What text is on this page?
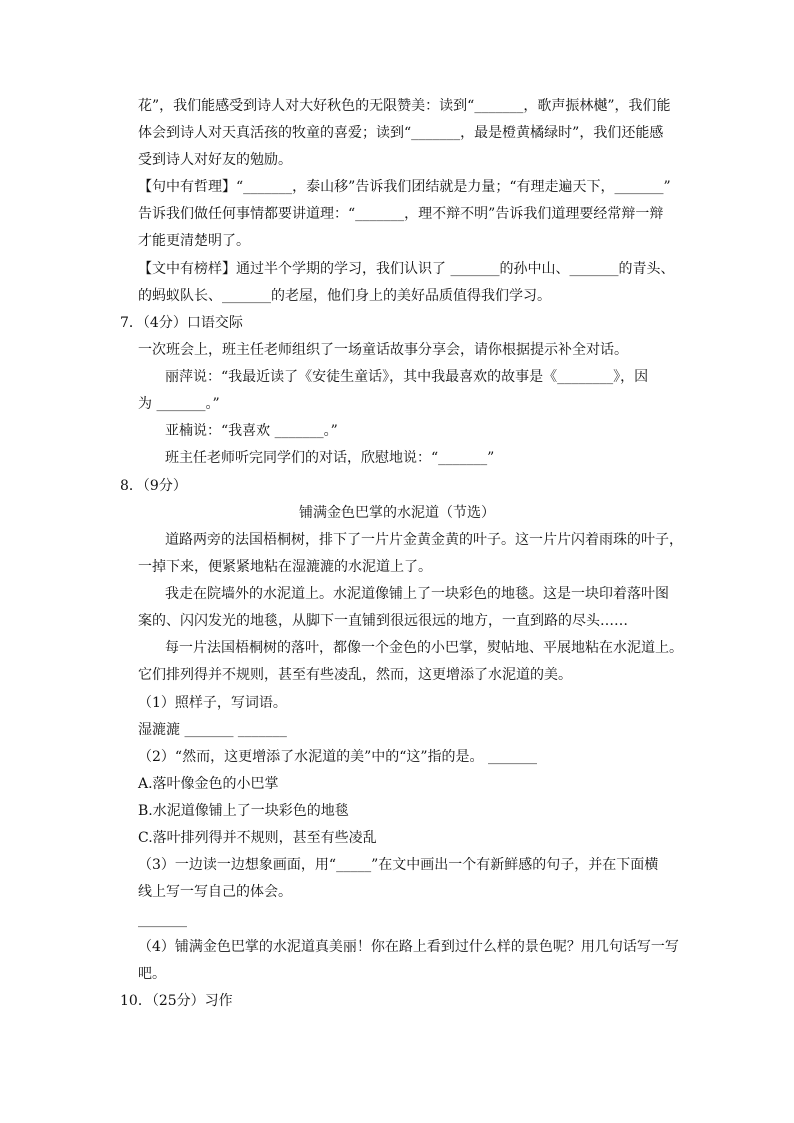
花”，我们能感受到诗人对大好秋色的无限赞美：读到“_______，歌声振林樾”，我们能
体会到诗人对天真活孩的牧童的喜爱；读到“_______，最是橙黄橘绿时”，我们还能感
受到诗人对好友的勉励。
【句中有哲理】“_______，泰山移”告诉我们团结就是力量；“有理走遍天下，_______”
告诉我们做任何事情都要讲道理：“_______，理不辩不明”告诉我们道理要经常辩一辩
才能更清楚明了。
【文中有榜样】通过半个学期的学习，我们认识了 _______的孙中山、_______的青头、
的蚂蚁队长、_______的老屋，他们身上的美好品质值得我们学习。
7．（4分）口语交际
一次班会上，班主任老师组织了一场童话故事分享会，请你根据提示补全对话。
丽萍说：“我最近读了《安徒生童话》，其中我最喜欢的故事是《________》，因
为 _______。”
亚楠说：“我喜欢 _______。”
班主任老师听完同学们的对话，欣慰地说：“_______”
8．（9分）
铺满金色巴掌的水泥道（节选）
道路两旁的法国梧桐树，排下了一片片金黄金黄的叶子。这一片片闪着雨珠的叶子，
一掉下来，便紧紧地粘在湿漉漉的水泥道上了。
我走在院墙外的水泥道上。水泥道像铺上了一块彩色的地毯。这是一块印着落叶图
案的、闪闪发光的地毯，从脚下一直铺到很远很远的地方，一直到路的尽头……
每一片法国梧桐树的落叶，都像一个金色的小巴掌，熨帖地、平展地粘在水泥道上。
它们排列得并不规则，甚至有些凌乱，然而，这更增添了水泥道的美。
（1）照样子，写词语。
湿漉漉 _______ _______
（2）“然而，这更增添了水泥道的美”中的“这”指的是。 _______
A.落叶像金色的小巴掌
B.水泥道像铺上了一块彩色的地毯
C.落叶排列得并不规则，甚至有些凌乱
（3）一边读一边想象画面，用“_____”在文中画出一个有新鲜感的句子，并在下面横
线上写一写自己的体会。
_______
（4）铺满金色巴掌的水泥道真美丽！你在路上看到过什么样的景色呢？用几句话写一写
吧。
10．（25分）习作
